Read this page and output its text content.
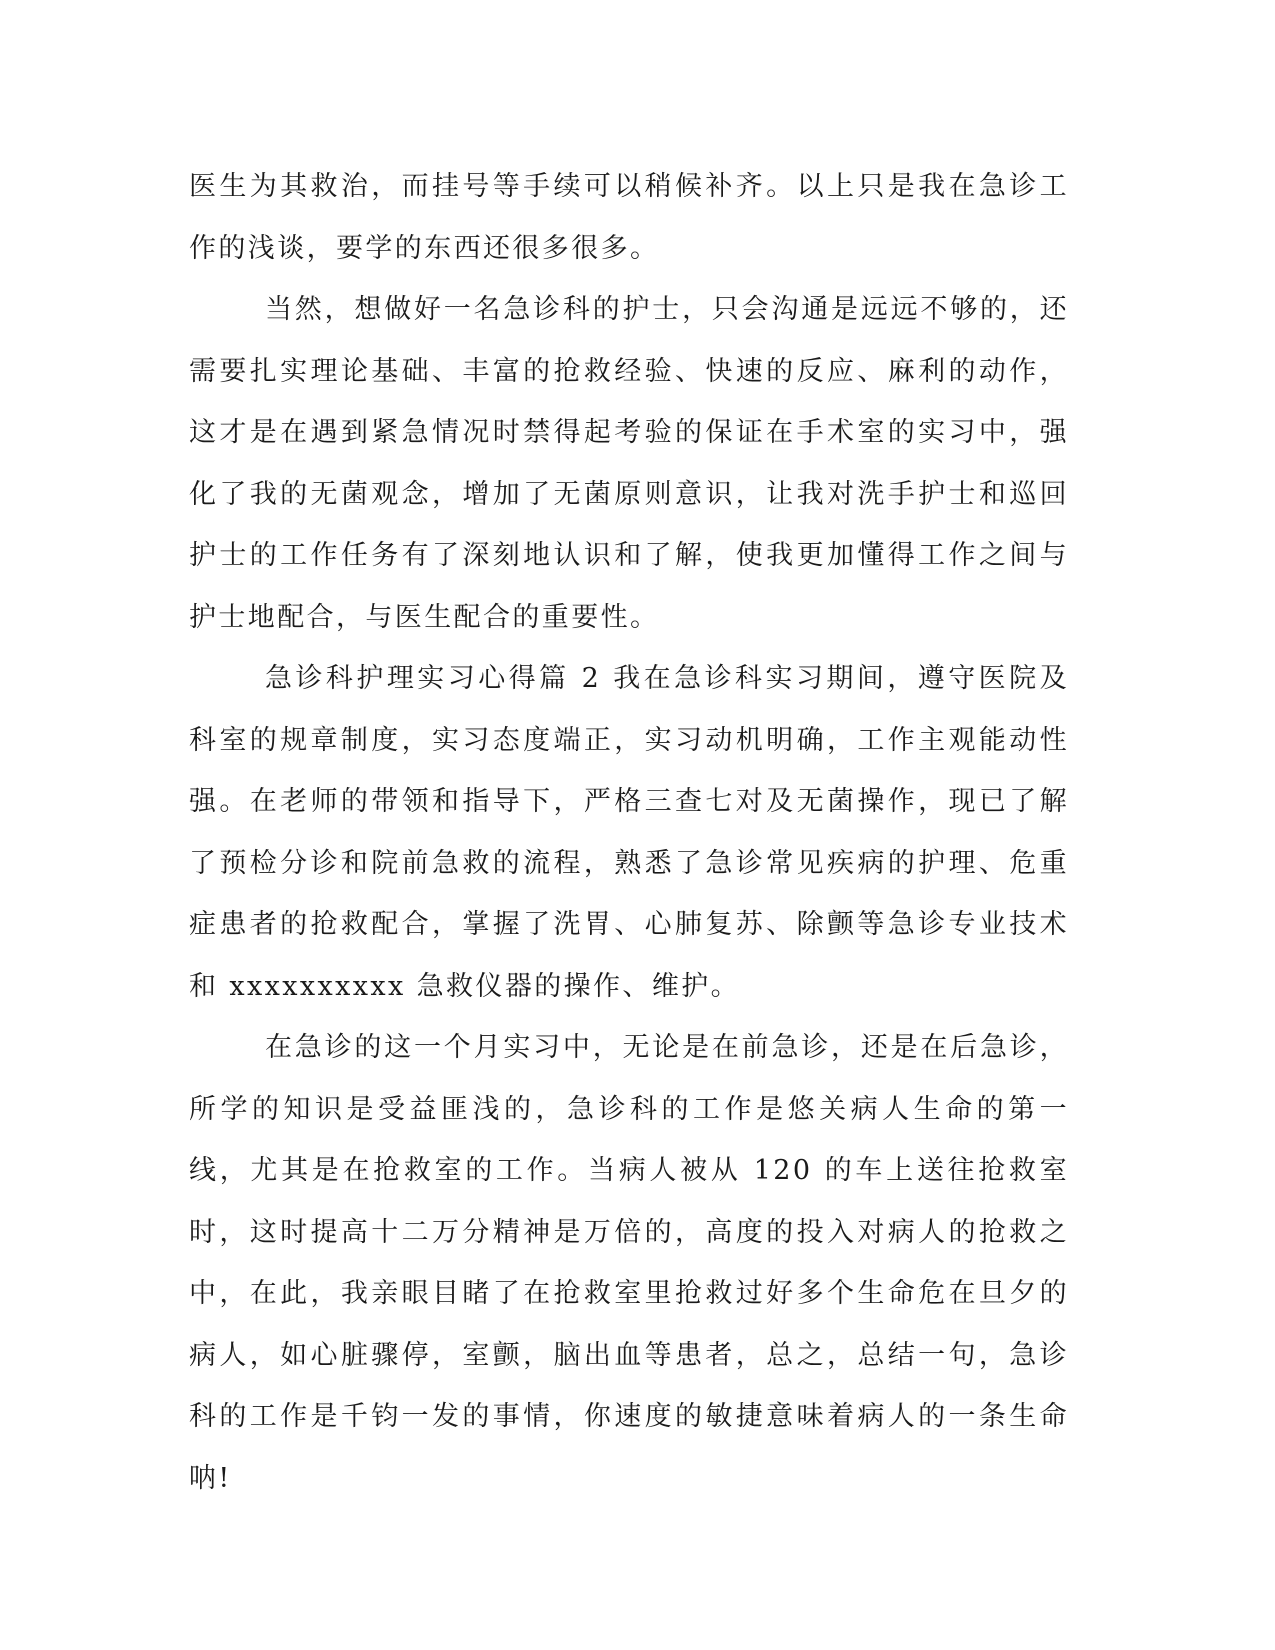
医生为其救治，而挂号等手续可以稍候补齐。以上只是我在急诊工作的浅谈，要学的东西还很多很多。

当然，想做好一名急诊科的护士，只会沟通是远远不够的，还需要扎实理论基础、丰富的抢救经验、快速的反应、麻利的动作，这才是在遇到紧急情况时禁得起考验的保证在手术室的实习中，强化了我的无菌观念，增加了无菌原则意识，让我对洗手护士和巡回护士的工作任务有了深刻地认识和了解，使我更加懂得工作之间与护士地配合，与医生配合的重要性。

急诊科护理实习心得篇 2 我在急诊科实习期间，遵守医院及科室的规章制度，实习态度端正，实习动机明确，工作主观能动性强。在老师的带领和指导下，严格三查七对及无菌操作，现已了解了预检分诊和院前急救的流程，熟悉了急诊常见疾病的护理、危重症患者的抢救配合，掌握了洗胃、心肺复苏、除颤等急诊专业技术和 xxxxxxxxxx 急救仪器的操作、维护。

在急诊的这一个月实习中，无论是在前急诊，还是在后急诊，所学的知识是受益匪浅的，急诊科的工作是悠关病人生命的第一线，尤其是在抢救室的工作。当病人被从 120 的车上送往抢救室时，这时提高十二万分精神是万倍的，高度的投入对病人的抢救之中，在此，我亲眼目睹了在抢救室里抢救过好多个生命危在旦夕的病人，如心脏骤停，室颤，脑出血等患者，总之，总结一句，急诊科的工作是千钧一发的事情，你速度的敏捷意味着病人的一条生命呐!
